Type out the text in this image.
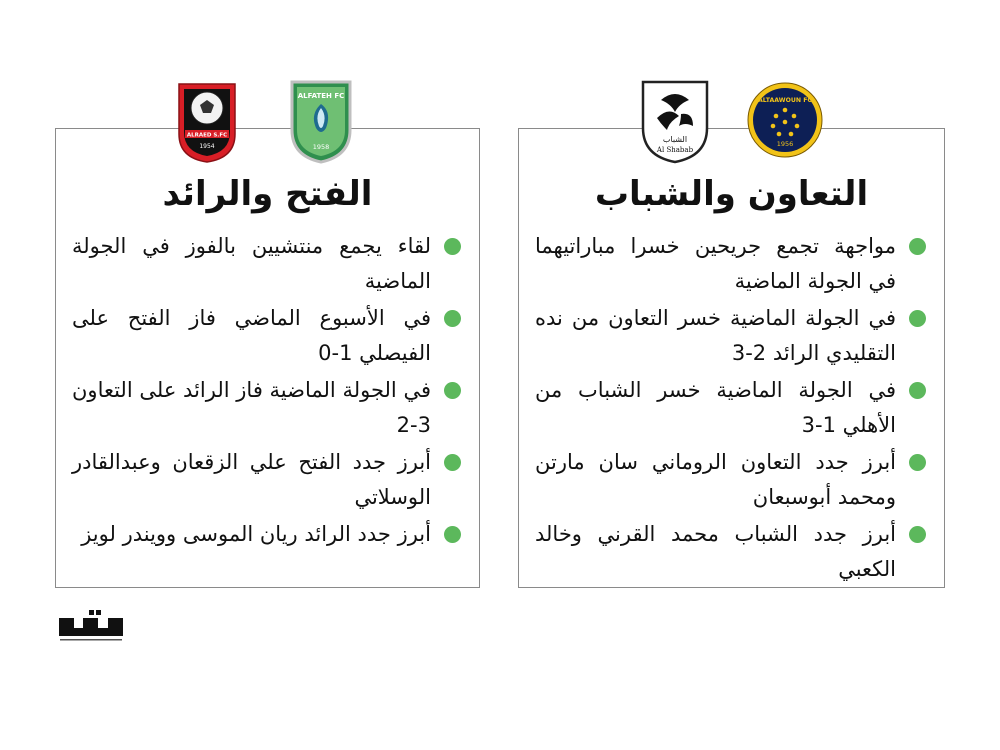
الفتح والرائد
لقاء يجمع منتشيين بالفوز في الجولة الماضية
في الأسبوع الماضي فاز الفتح على الفيصلي 1-0
في الجولة الماضية فاز الرائد على التعاون 3-2
أبرز جدد الفتح علي الزقعان وعبدالقادر الوسلاتي
أبرز جدد الرائد ريان الموسى وويندر لويز
التعاون والشباب
مواجهة تجمع جريحين خسرا مباراتيهما في الجولة الماضية
في الجولة الماضية خسر التعاون من نده التقليدي الرائد 2-3
في الجولة الماضية خسر الشباب من الأهلي 1-3
أبرز جدد التعاون الروماني سان مارتن ومحمد أبوسبعان
أبرز جدد الشباب محمد القرني وخالد الكعبي
ALRAED S.FC
1954
ALFATEH FC
1958
الشباب
Al Shabab
ALTAAWOUN FC
1956
